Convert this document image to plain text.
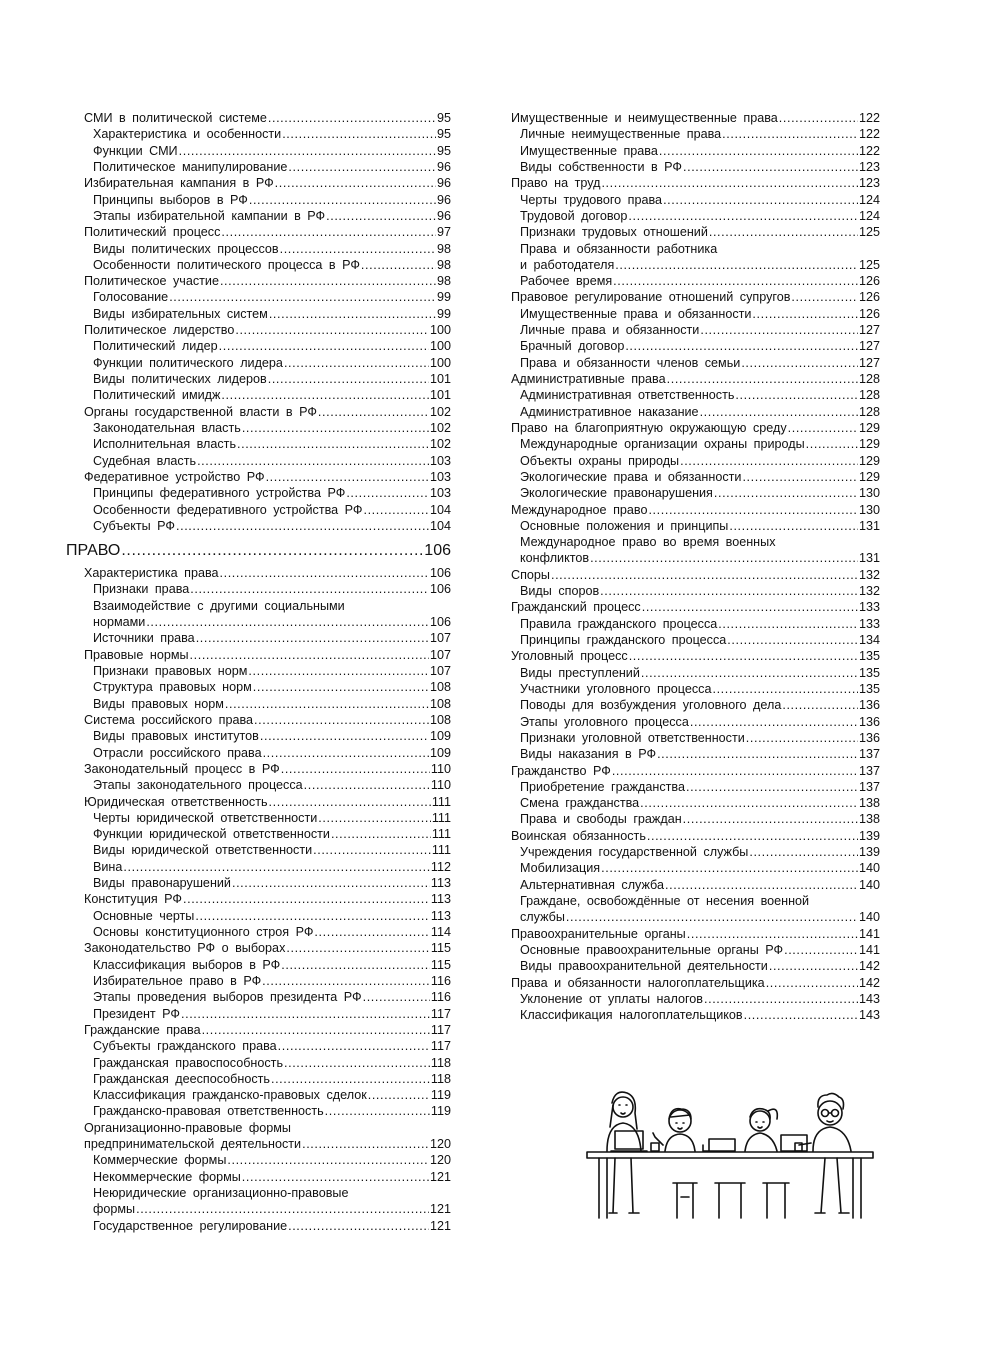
СМИ в политической системе .....	95
Характеристика и особенности .....	95
Функции СМИ .....	95
Политическое манипулирование .....	96
Избирательная кампания в РФ .....	96
Принципы выборов в РФ .....	96
Этапы избирательной кампании в РФ .....	96
Политический процесс .....	97
Виды политических процессов .....	98
Особенности политического процесса в РФ .....	98
Политическое участие .....	98
Голосование .....	99
Виды избирательных систем .....	99
Политическое лидерство .....	100
Политический лидер .....	100
Функции политического лидера .....	100
Виды политических лидеров .....	101
Политический имидж .....	101
Органы государственной власти в РФ .....	102
Законодательная власть .....	102
Исполнительная власть .....	102
Судебная власть .....	103
Федеративное устройство РФ .....	103
Принципы федеративного устройства РФ .....	103
Особенности федеративного устройства РФ .....	104
Субъекты РФ .....	104
ПРАВО .....	106
Характеристика права .....	106
Признаки права .....	106
Взаимодействие с другими социальными
нормами .....	106
Источники права .....	107
Правовые нормы .....	107
Признаки правовых норм .....	107
Структура правовых норм .....	108
Виды правовых норм .....	108
Система российского права .....	108
Виды правовых институтов .....	109
Отрасли российского права .....	109
Законодательный процесс в РФ .....	110
Этапы законодательного процесса .....	110
Юридическая ответственность .....	111
Черты юридической ответственности .....	111
Функции юридической ответственности .....	111
Виды юридической ответственности .....	111
Вина .....	112
Виды правонарушений .....	113
Конституция РФ .....	113
Основные черты .....	113
Основы конституционного строя РФ .....	114
Законодательство РФ о выборах .....	115
Классификация выборов в РФ .....	115
Избирательное право в РФ .....	116
Этапы проведения выборов президента РФ .....	116
Президент РФ .....	117
Гражданские права .....	117
Субъекты гражданского права .....	117
Гражданская правоспособность .....	118
Гражданская дееспособность .....	118
Классификация гражданско-правовых сделок .....	119
Гражданско-правовая ответственность .....	119
Организационно-правовые формы
предпринимательской деятельности .....	120
Коммерческие формы .....	120
Некоммерческие формы .....	121
Неюридические организационно-правовые
формы .....	121
Государственное регулирование .....	121
Имущественные и неимущественные права .....	122
Личные неимущественные права .....	122
Имущественные права .....	122
Виды собственности в РФ .....	123
Право на труд .....	123
Черты трудового права .....	124
Трудовой договор .....	124
Признаки трудовых отношений .....	125
Права и обязанности работника
и работодателя .....	125
Рабочее время .....	126
Правовое регулирование отношений супругов .....	126
Имущественные права и обязанности .....	126
Личные права и обязанности .....	127
Брачный договор .....	127
Права и обязанности членов семьи .....	127
Административные права .....	128
Административная ответственность .....	128
Административное наказание .....	128
Право на благоприятную окружающую среду .....	129
Международные организации охраны природы .....	129
Объекты охраны природы .....	129
Экологические права и обязанности .....	129
Экологические правонарушения .....	130
Международное право .....	130
Основные положения и принципы .....	131
Международное право во время военных
конфликтов .....	131
Споры .....	132
Виды споров .....	132
Гражданский процесс .....	133
Правила гражданского процесса .....	133
Принципы гражданского процесса .....	134
Уголовный процесс .....	135
Виды преступлений .....	135
Участники уголовного процесса .....	135
Поводы для возбуждения уголовного дела .....	136
Этапы уголовного процесса .....	136
Признаки уголовной ответственности .....	136
Виды наказания в РФ .....	137
Гражданство РФ .....	137
Приобретение гражданства .....	137
Смена гражданства .....	138
Права и свободы граждан .....	138
Воинская обязанность .....	139
Учреждения государственной службы .....	139
Мобилизация .....	140
Альтернативная служба .....	140
Граждане, освобождённые от несения военной
службы .....	140
Правоохранительные органы .....	141
Основные правоохранительные органы РФ .....	141
Виды правоохранительной деятельности .....	142
Права и обязанности налогоплательщика .....	142
Уклонение от уплаты налогов .....	143
Классификация налогоплательщиков .....	143
